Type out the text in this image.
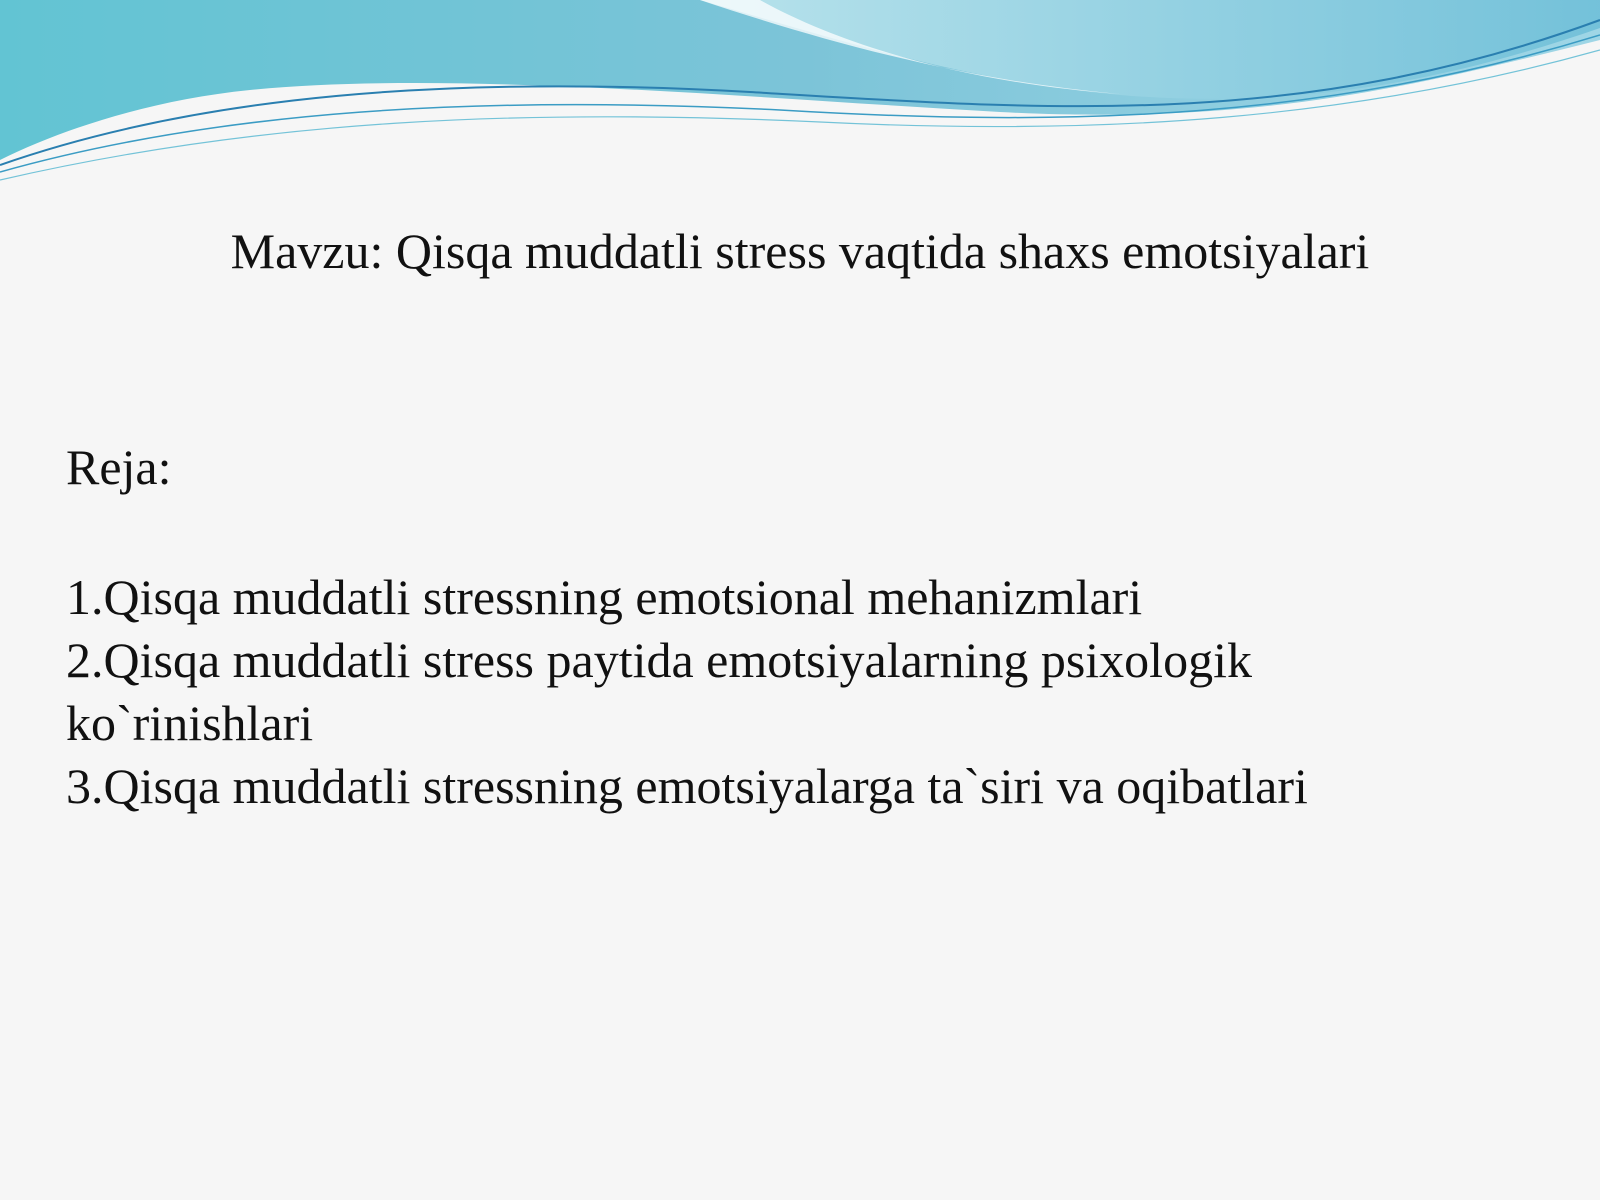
Mavzu: Qisqa muddatli stress vaqtida shaxs emotsiyalari
Reja:
1.Qisqa muddatli stressning emotsional mehanizmlari
2.Qisqa muddatli stress paytida emotsiyalarning psixologik ko`rinishlari
3.Qisqa muddatli stressning emotsiyalarga ta`siri va oqibatlari
